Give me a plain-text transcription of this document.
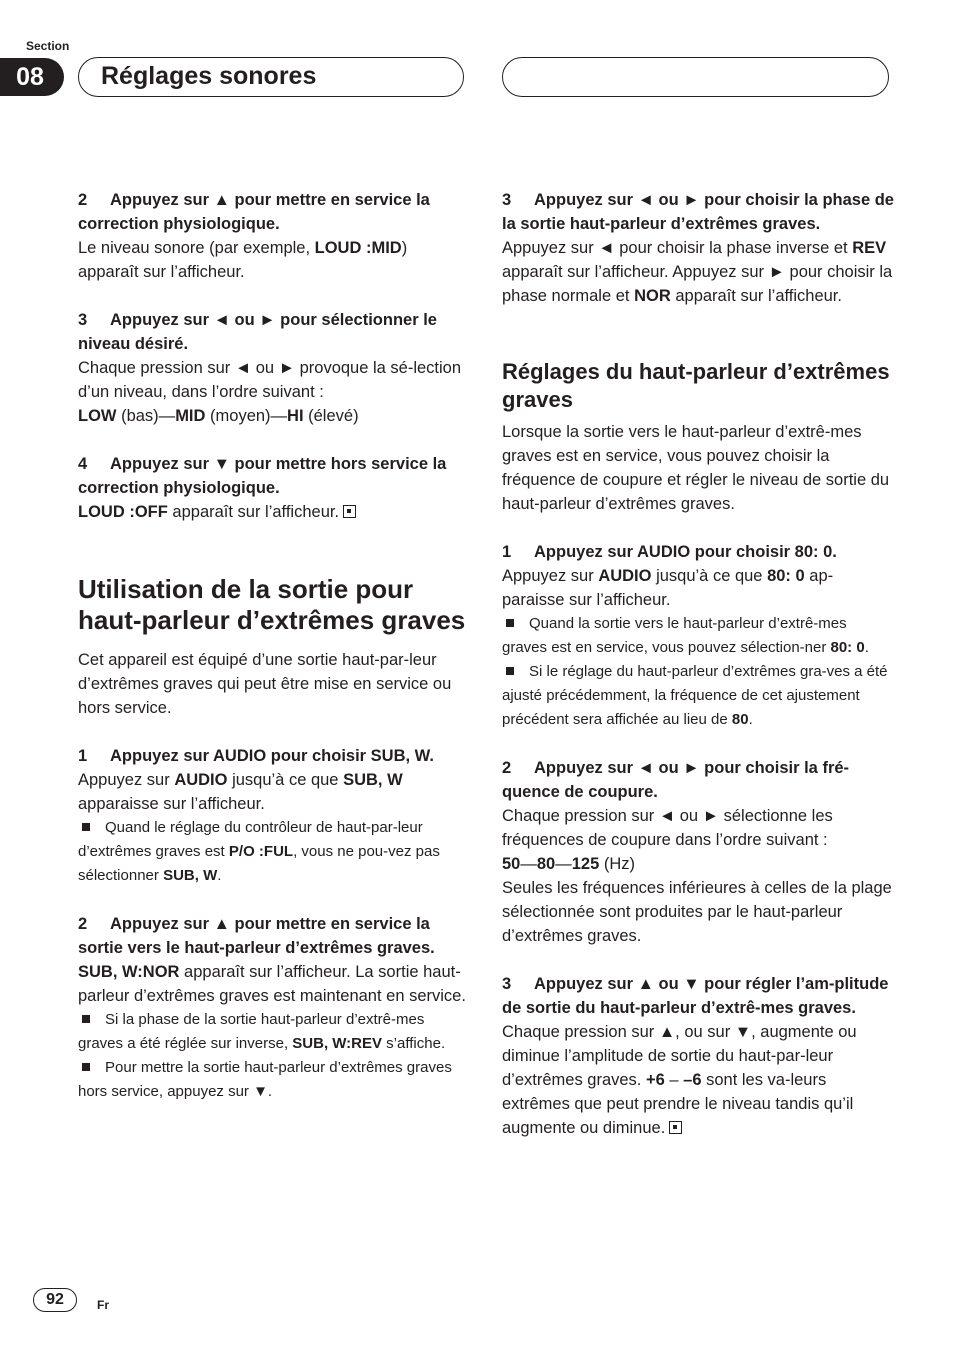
Section
08	Réglages sonores
2 Appuyez sur ▲ pour mettre en service la correction physiologique.
Le niveau sonore (par exemple, LOUD :MID) apparaît sur l’afficheur.
3 Appuyez sur ◄ ou ► pour sélectionner le niveau désiré.
Chaque pression sur ◄ ou ► provoque la sé-lection d’un niveau, dans l’ordre suivant :
LOW (bas)—MID (moyen)—HI (élevé)
4 Appuyez sur ▼ pour mettre hors service la correction physiologique.
LOUD :OFF apparaît sur l’afficheur.
Utilisation de la sortie pour haut-parleur d’extrêmes graves
Cet appareil est équipé d’une sortie haut-par-leur d’extrêmes graves qui peut être mise en service ou hors service.
1 Appuyez sur AUDIO pour choisir SUB, W.
Appuyez sur AUDIO jusqu’à ce que SUB, W apparaisse sur l’afficheur.
Quand le réglage du contrôleur de haut-par-leur d’extrêmes graves est P/O :FUL, vous ne pou-vez pas sélectionner SUB, W.
2 Appuyez sur ▲ pour mettre en service la sortie vers le haut-parleur d’extrêmes graves.
SUB, W:NOR apparaît sur l’afficheur. La sortie haut-parleur d’extrêmes graves est maintenant en service.
Si la phase de la sortie haut-parleur d’extrê-mes graves a été réglée sur inverse, SUB, W:REV s’affiche.
Pour mettre la sortie haut-parleur d’extrêmes graves hors service, appuyez sur ▼.
3 Appuyez sur ◄ ou ► pour choisir la phase de la sortie haut-parleur d’extrêmes graves.
Appuyez sur ◄ pour choisir la phase inverse et REV apparaît sur l’afficheur. Appuyez sur ► pour choisir la phase normale et NOR apparaît sur l’afficheur.
Réglages du haut-parleur d’extrêmes graves
Lorsque la sortie vers le haut-parleur d’extrê-mes graves est en service, vous pouvez choisir la fréquence de coupure et régler le niveau de sortie du haut-parleur d’extrêmes graves.
1 Appuyez sur AUDIO pour choisir 80: 0.
Appuyez sur AUDIO jusqu’à ce que 80: 0 ap-paraisse sur l’afficheur.
Quand la sortie vers le haut-parleur d’extrê-mes graves est en service, vous pouvez sélection-ner 80: 0.
Si le réglage du haut-parleur d’extrêmes gra-ves a été ajusté précédemment, la fréquence de cet ajustement précédent sera affichée au lieu de 80.
2 Appuyez sur ◄ ou ► pour choisir la fré-quence de coupure.
Chaque pression sur ◄ ou ► sélectionne les fréquences de coupure dans l’ordre suivant :
50—80—125 (Hz)
Seules les fréquences inférieures à celles de la plage sélectionnée sont produites par le haut-parleur d’extrêmes graves.
3 Appuyez sur ▲ ou ▼ pour régler l’am-plitude de sortie du haut-parleur d’extrê-mes graves.
Chaque pression sur ▲, ou sur ▼, augmente ou diminue l’amplitude de sortie du haut-par-leur d’extrêmes graves. +6 – –6 sont les va-leurs extrêmes que peut prendre le niveau tandis qu’il augmente ou diminue.
92	Fr
